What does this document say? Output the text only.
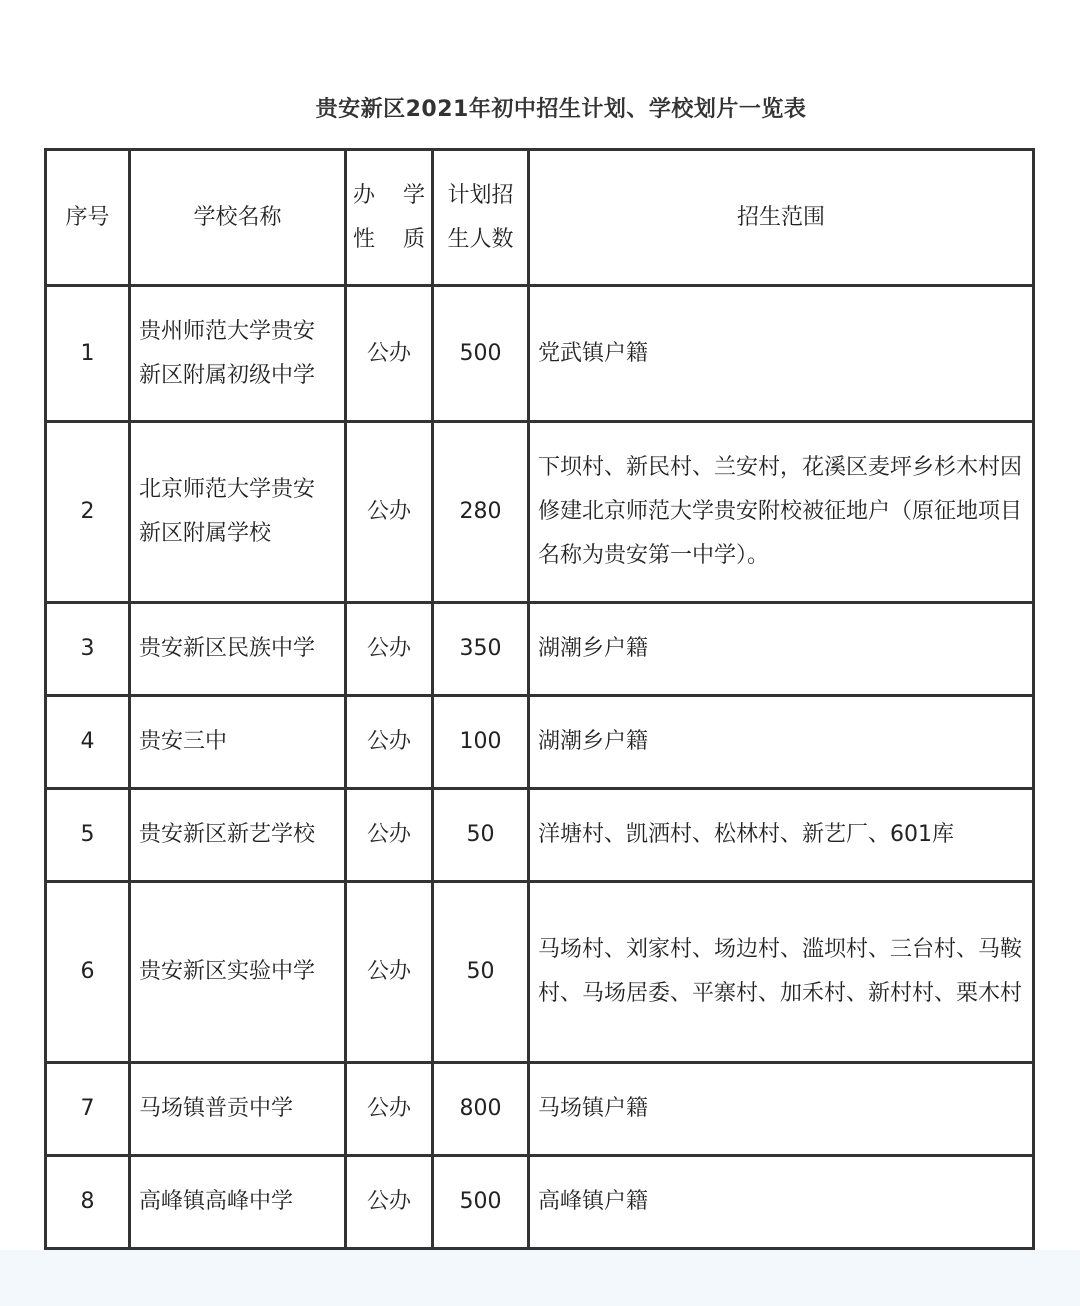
贵安新区2021年初中招生计划、学校划片一览表
序号	学校名称	办 学 性质	计划招生人数	招生范围
1	贵州师范大学贵安新区附属初级中学	公办	500	党武镇户籍
2	北京师范大学贵安新区附属学校	公办	280	下坝村、新民村、兰安村，花溪区麦坪乡杉木村因修建北京师范大学贵安附校被征地户（原征地项目名称为贵安第一中学）。
3	贵安新区民族中学	公办	350	湖潮乡户籍
4	贵安三中	公办	100	湖潮乡户籍
5	贵安新区新艺学校	公办	50	洋塘村、凯洒村、松林村、新艺厂、601库
6	贵安新区实验中学	公办	50	马场村、刘家村、场边村、滥坝村、三台村、马鞍村、马场居委、平寨村、加禾村、新村村、栗木村
7	马场镇普贡中学	公办	800	马场镇户籍
8	高峰镇高峰中学	公办	500	高峰镇户籍
